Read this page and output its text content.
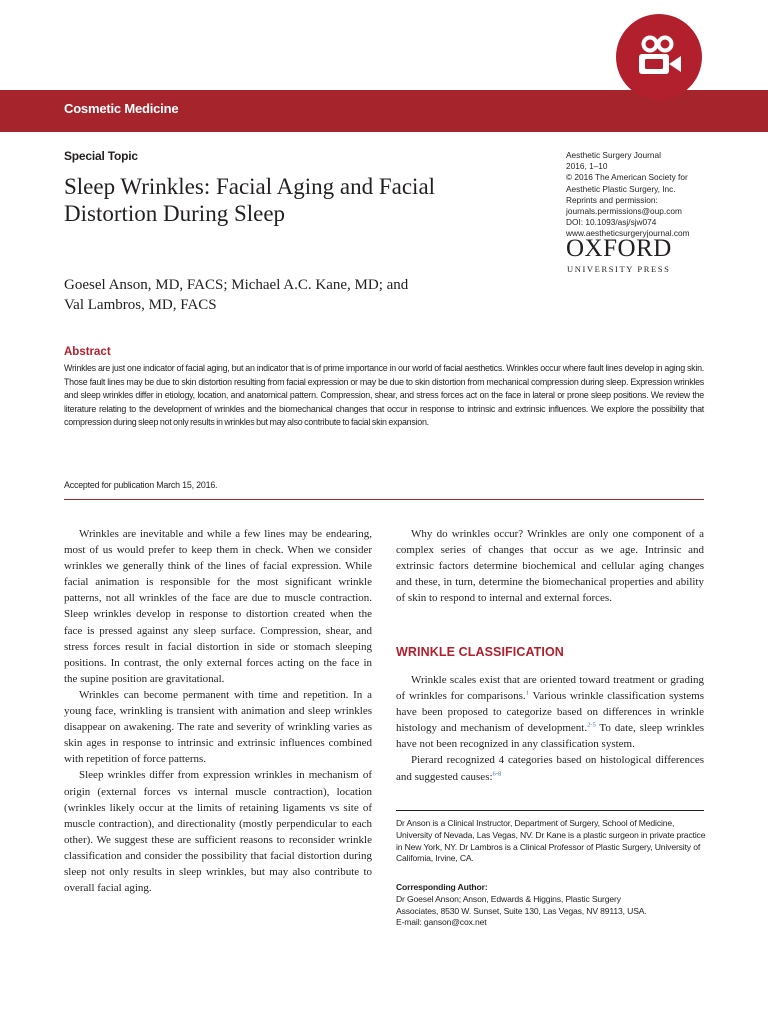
Cosmetic Medicine
Special Topic
Sleep Wrinkles: Facial Aging and Facial Distortion During Sleep
Goesel Anson, MD, FACS; Michael A.C. Kane, MD; and
Val Lambros, MD, FACS
Aesthetic Surgery Journal
2016, 1–10
© 2016 The American Society for
Aesthetic Plastic Surgery, Inc.
Reprints and permission:
journals.permissions@oup.com
DOI: 10.1093/asj/sjw074
www.aestheticsurgeryjournal.com
OXFORD
UNIVERSITY PRESS
Abstract
Wrinkles are just one indicator of facial aging, but an indicator that is of prime importance in our world of facial aesthetics. Wrinkles occur where fault lines develop in aging skin. Those fault lines may be due to skin distortion resulting from facial expression or may be due to skin distortion from mechanical compression during sleep. Expression wrinkles and sleep wrinkles differ in etiology, location, and anatomical pattern. Compression, shear, and stress forces act on the face in lateral or prone sleep positions. We review the literature relating to the development of wrinkles and the biomechanical changes that occur in response to intrinsic and extrinsic influences. We explore the possibility that compression during sleep not only results in wrinkles but may also contribute to facial skin expansion.
Accepted for publication March 15, 2016.

Wrinkles are inevitable and while a few lines may be endearing, most of us would prefer to keep them in check. When we consider wrinkles we generally think of the lines of facial expression. While facial animation is responsible for the most significant wrinkle patterns, not all wrinkles of the face are due to muscle contraction. Sleep wrinkles develop in response to distortion created when the face is pressed against any sleep surface. Compression, shear, and stress forces result in facial distortion in side or stomach sleeping positions. In contrast, the only external forces acting on the face in the supine position are gravitational.

Wrinkles can become permanent with time and repetition. In a young face, wrinkling is transient with animation and sleep wrinkles disappear on awakening. The rate and severity of wrinkling varies as skin ages in response to intrinsic and extrinsic influences combined with repetition of force patterns.

Sleep wrinkles differ from expression wrinkles in mechanism of origin (external forces vs internal muscle contraction), location (wrinkles likely occur at the limits of retaining ligaments vs site of muscle contraction), and directionality (mostly perpendicular to each other). We suggest these are sufficient reasons to reconsider wrinkle classification and consider the possibility that facial distortion during sleep not only results in sleep wrinkles, but may also contribute to overall facial aging.

Why do wrinkles occur? Wrinkles are only one component of a complex series of changes that occur as we age. Intrinsic and extrinsic factors determine biochemical and cellular aging changes and these, in turn, determine the biomechanical properties and ability of skin to respond to internal and external forces.

WRINKLE CLASSIFICATION

Wrinkle scales exist that are oriented toward treatment or grading of wrinkles for comparisons.$^1$ Various wrinkle classification systems have been proposed to categorize based on differences in wrinkle histology and mechanism of development.$^{2-5}$ To date, sleep wrinkles have not been recognized in any classification system.

Pierard recognized 4 categories based on histological differences and suggested causes:$^{6-8}$

Dr Anson is a Clinical Instructor, Department of Surgery, School of Medicine, University of Nevada, Las Vegas, NV. Dr Kane is a plastic surgeon in private practice in New York, NY. Dr Lambros is a Clinical Professor of Plastic Surgery, University of California, Irvine, CA.
Corresponding Author:
Dr Goesel Anson; Anson, Edwards & Higgins, Plastic Surgery
Associates, 8530 W. Sunset, Suite 130, Las Vegas, NV 89113, USA.
E-mail: ganson@cox.net
